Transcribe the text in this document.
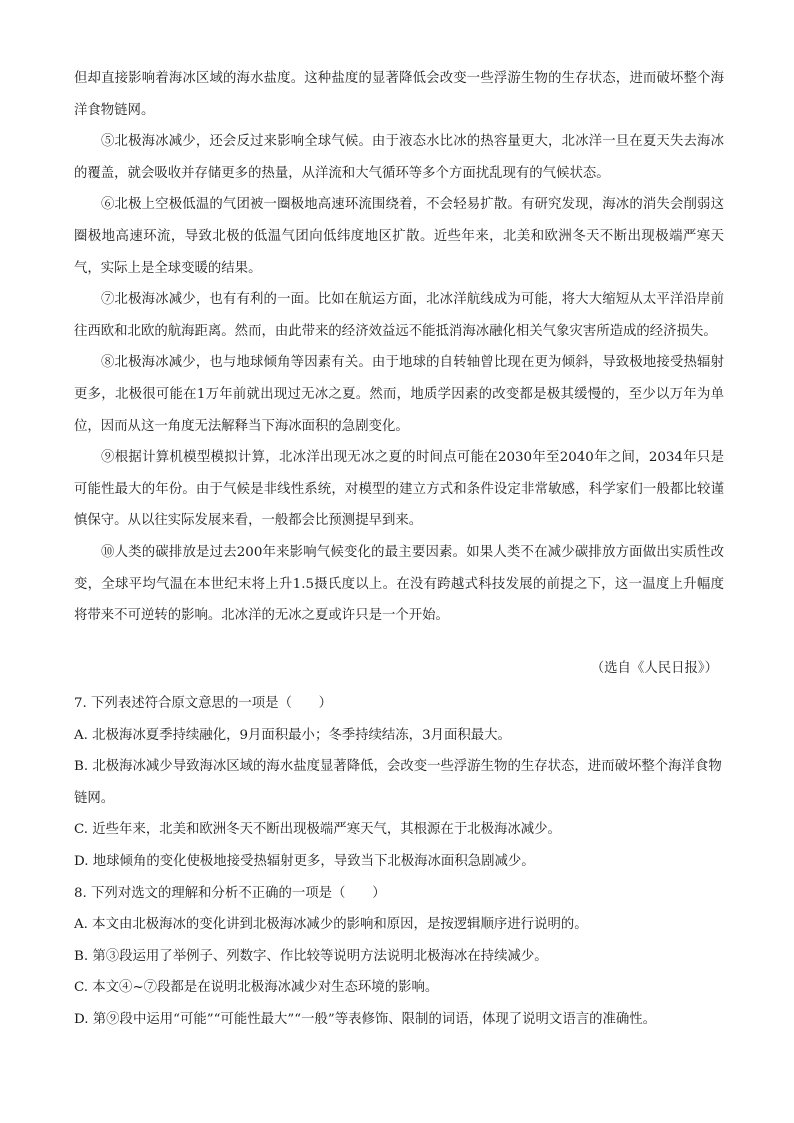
但却直接影响着海冰区域的海水盐度。这种盐度的显著降低会改变一些浮游生物的生存状态，进而破坏整个海洋食物链网。

⑤北极海冰减少，还会反过来影响全球气候。由于液态水比冰的热容量更大，北冰洋一旦在夏天失去海冰的覆盖，就会吸收并存储更多的热量，从洋流和大气循环等多个方面扰乱现有的气候状态。

⑥北极上空极低温的气团被一圈极地高速环流围绕着，不会轻易扩散。有研究发现，海冰的消失会削弱这圈极地高速环流，导致北极的低温气团向低纬度地区扩散。近些年来，北美和欧洲冬天不断出现极端严寒天气，实际上是全球变暖的结果。

⑦北极海冰减少，也有有利的一面。比如在航运方面，北冰洋航线成为可能，将大大缩短从太平洋沿岸前往西欧和北欧的航海距离。然而，由此带来的经济效益远不能抵消海冰融化相关气象灾害所造成的经济损失。

⑧北极海冰减少，也与地球倾角等因素有关。由于地球的自转轴曾比现在更为倾斜，导致极地接受热辐射更多，北极很可能在1万年前就出现过无冰之夏。然而，地质学因素的改变都是极其缓慢的，至少以万年为单位，因而从这一角度无法解释当下海冰面积的急剧变化。

⑨根据计算机模型模拟计算，北冰洋出现无冰之夏的时间点可能在2030年至2040年之间，2034年只是可能性最大的年份。由于气候是非线性系统，对模型的建立方式和条件设定非常敏感，科学家们一般都比较谨慎保守。从以往实际发展来看，一般都会比预测提早到来。

⑩人类的碳排放是过去200年来影响气候变化的最主要因素。如果人类不在减少碳排放方面做出实质性改变，全球平均气温在本世纪末将上升1.5摄氏度以上。在没有跨越式科技发展的前提之下，这一温度上升幅度将带来不可逆转的影响。北冰洋的无冰之夏或许只是一个开始。

（选自《人民日报》）

7. 下列表述符合原文意思的一项是（　　）

A. 北极海冰夏季持续融化，9月面积最小；冬季持续结冻，3月面积最大。

B. 北极海冰减少导致海冰区域的海水盐度显著降低，会改变一些浮游生物的生存状态，进而破坏整个海洋食物链网。

C. 近些年来，北美和欧洲冬天不断出现极端严寒天气，其根源在于北极海冰减少。

D. 地球倾角的变化使极地接受热辐射更多，导致当下北极海冰面积急剧减少。

8. 下列对选文的理解和分析不正确的一项是（　　）

A. 本文由北极海冰的变化讲到北极海冰减少的影响和原因，是按逻辑顺序进行说明的。

B. 第③段运用了举例子、列数字、作比较等说明方法说明北极海冰在持续减少。

C. 本文④~⑦段都是在说明北极海冰减少对生态环境的影响。

D. 第⑨段中运用“可能”“可能性最大”“一般”等表修饰、限制的词语，体现了说明文语言的准确性。
